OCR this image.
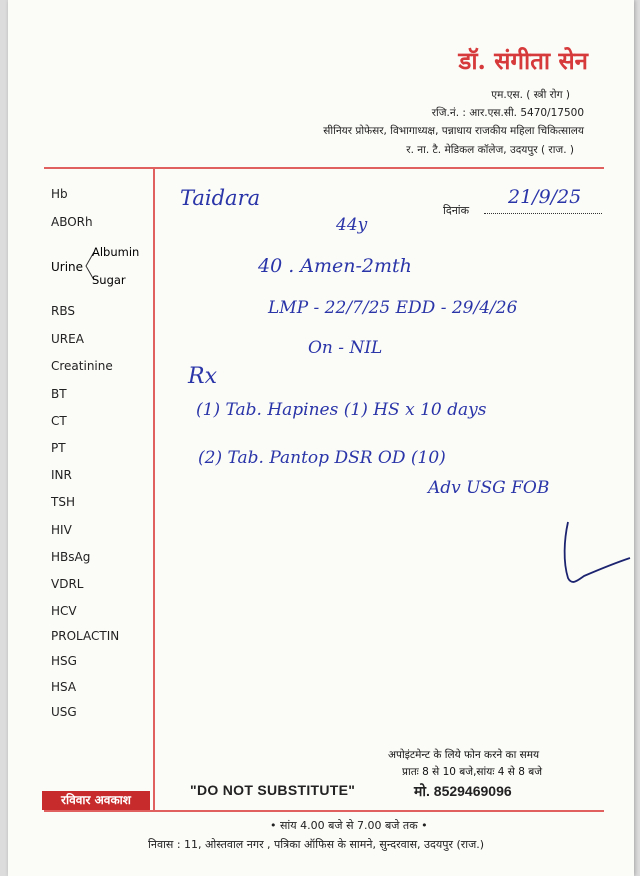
डॉ. संगीता सेन
एम.एस. ( स्त्री रोग )
रजि.नं. : आर.एस.सी. 5470/17500
सीनियर प्रोफेसर, विभागाध्यक्ष, पन्नाधाय राजकीय महिला चिकित्सालय
र. ना. टै. मेडिकल कॉलेज, उदयपुर ( राज. )
Hb
ABORh
Urine
Albumin
Sugar
RBS
UREA
Creatinine
BT
CT
PT
INR
TSH
HIV
HBsAg
VDRL
HCV
PROLACTIN
HSG
HSA
USG
दिनांक
21/9/25
Taidara
44y
40 . Amen-2mth
LMP - 22/7/25 EDD - 29/4/26
On - NIL
Rx
(1) Tab. Hapines (1) HS x 10 days
(2) Tab. Pantop DSR OD (10)
Adv USG FOB
अपोइंटमेन्ट के लिये फोन करने का समय
प्रातः 8 से 10 बजे,सांयः 4 से 8 बजे
"DO NOT SUBSTITUTE"	मो. 8529469096
रविवार अवकाश
• सांय 4.00 बजे से 7.00 बजे तक •
निवास : 11, ओस्तवाल नगर , पत्रिका ऑफिस के सामने, सुन्दरवास, उदयपुर (राज.)
